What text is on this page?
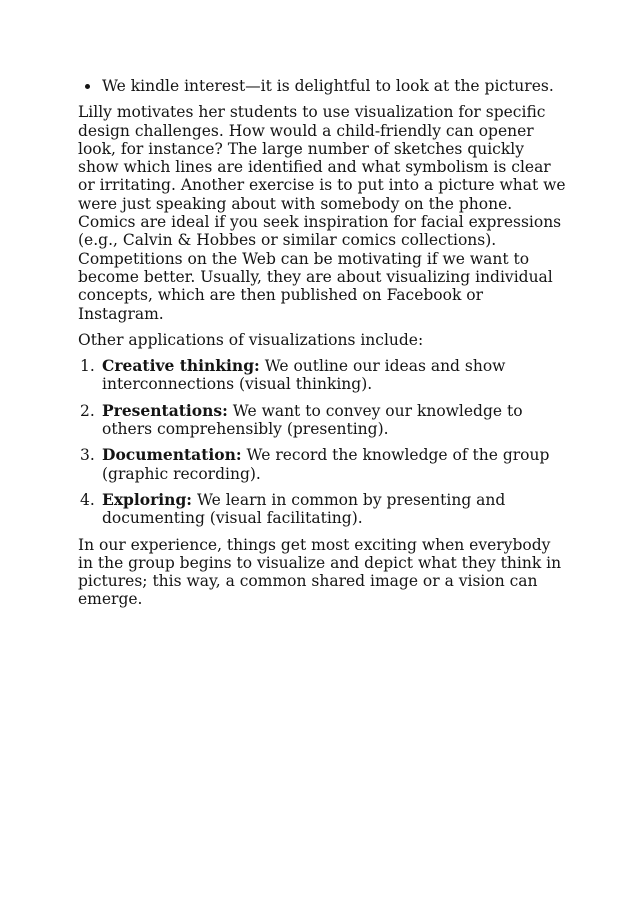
We kindle interest—it is delightful to look at the pictures.

Lilly motivates her students to use visualization for specific design challenges. How would a child-friendly can opener look, for instance? The large number of sketches quickly show which lines are identified and what symbolism is clear or irritating. Another exercise is to put into a picture what we were just speaking about with somebody on the phone. Comics are ideal if you seek inspiration for facial expressions (e.g., Calvin & Hobbes or similar comics collections). Competitions on the Web can be motivating if we want to become better. Usually, they are about visualizing individual concepts, which are then published on Facebook or Instagram.

Other applications of visualizations include:

1. Creative thinking: We outline our ideas and show interconnections (visual thinking).
2. Presentations: We want to convey our knowledge to others comprehensibly (presenting).
3. Documentation: We record the knowledge of the group (graphic recording).
4. Exploring: We learn in common by presenting and documenting (visual facilitating).

In our experience, things get most exciting when everybody in the group begins to visualize and depict what they think in pictures; this way, a common shared image or a vision can emerge.
